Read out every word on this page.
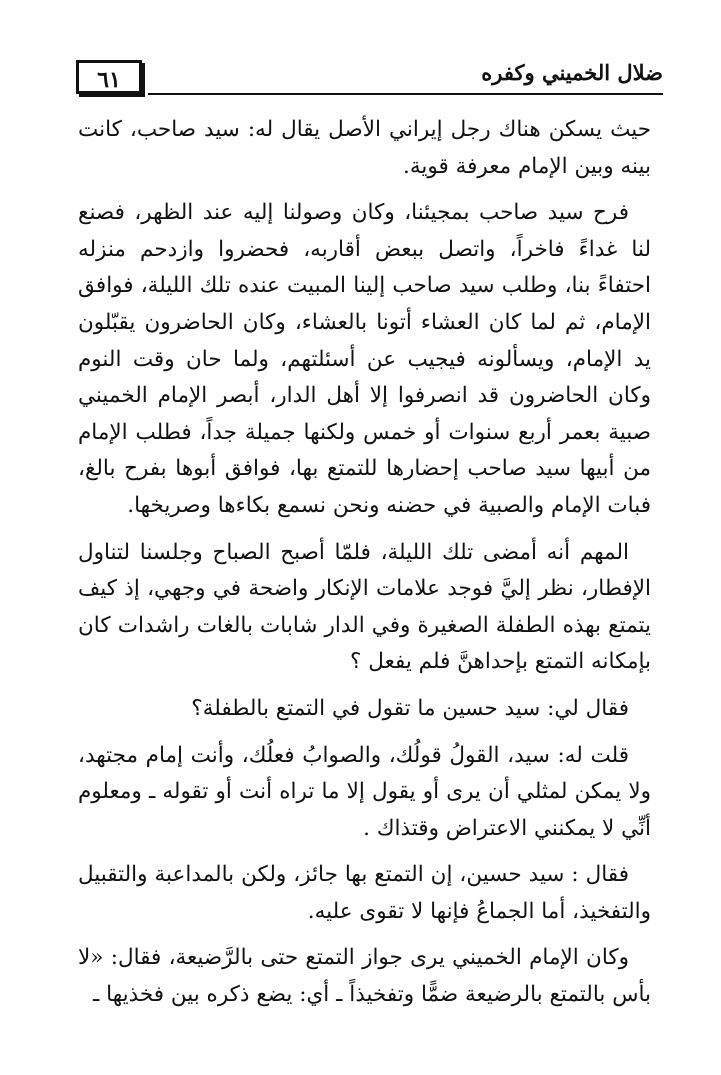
٦١	ضلال الخميني وكفره

حيث يسكن هناك رجل إيراني الأصل يقال له: سيد صاحب، كانت بينه وبين الإمام معرفة قوية.

فرح سيد صاحب بمجيئنا، وكان وصولنا إليه عند الظهر، فصنع لنا غداءً فاخراً، واتصل ببعض أقاربه، فحضروا وازدحم منزله احتفاءً بنا، وطلب سيد صاحب إلينا المبيت عنده تلك الليلة، فوافق الإمام، ثم لما كان العشاء أتونا بالعشاء، وكان الحاضرون يقبّلون يد الإمام، ويسألونه فيجيب عن أسئلتهم، ولما حان وقت النوم وكان الحاضرون قد انصرفوا إلا أهل الدار، أبصر الإمام الخميني صبية بعمر أربع سنوات أو خمس ولكنها جميلة جداً، فطلب الإمام من أبيها سيد صاحب إحضارها للتمتع بها، فوافق أبوها بفرح بالغ، فبات الإمام والصبية في حضنه ونحن نسمع بكاءها وصريخها.

المهم أنه أمضى تلك الليلة، فلمّا أصبح الصباح وجلسنا لتناول الإفطار، نظر إليَّ فوجد علامات الإنكار واضحة في وجهي، إذ كيف يتمتع بهذه الطفلة الصغيرة وفي الدار شابات بالغات راشدات كان بإمكانه التمتع بإحداهنَّ فلم يفعل ؟

فقال لي: سيد حسين ما تقول في التمتع بالطفلة؟

قلت له: سيد، القولُ قولُك، والصوابُ فعلُك، وأنت إمام مجتهد، ولا يمكن لمثلي أن يرى أو يقول إلا ما تراه أنت أو تقوله ـ ومعلوم أنِّي لا يمكنني الاعتراض وقتذاك .

فقال : سيد حسين، إن التمتع بها جائز، ولكن بالمداعبة والتقبيل والتفخيذ، أما الجماعُ فإنها لا تقوى عليه.

وكان الإمام الخميني يرى جواز التمتع حتى بالرَّضيعة، فقال: «لا بأس بالتمتع بالرضيعة ضمًّا وتفخيذاً ـ أي: يضع ذكره بين فخذيها ـ
